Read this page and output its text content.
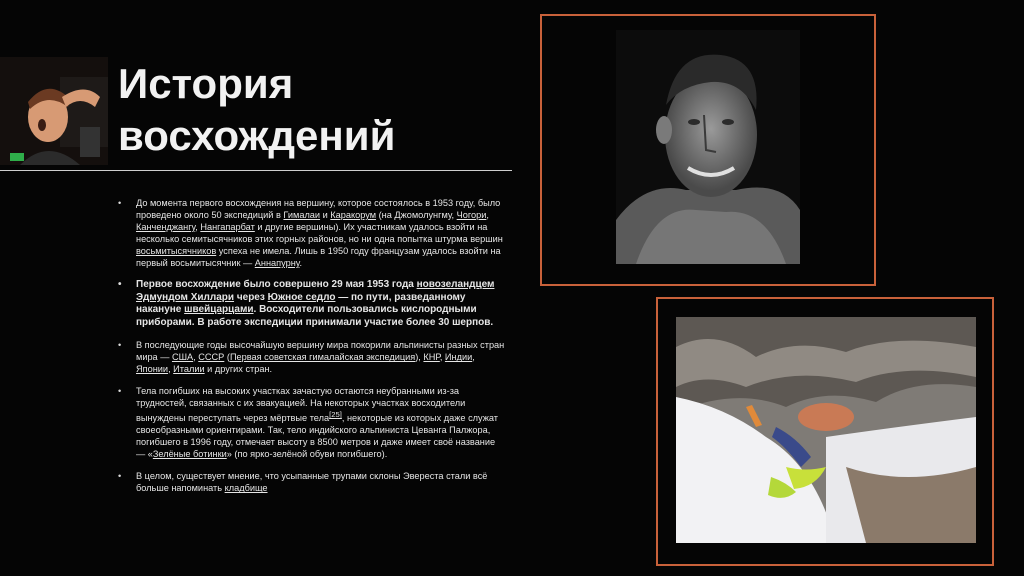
История
восхождений
• До момента первого восхождения на вершину, которое состоялось в 1953 году, было проведено около 50 экспедиций в Гималаи и Каракорум (на Джомолунгму, Чогори, Канченджангу, Нангапарбат и другие вершины). Их участникам удалось взойти на несколько семитысячников этих горных районов, но ни одна попытка штурма вершин восьмитысячников успеха не имела. Лишь в 1950 году французам удалось взойти на первый восьмитысячник — Аннапурну.
• Первое восхождение было совершено 29 мая 1953 года новозеландцем Эдмундом Хиллари через Южное седло — по пути, разведанному накануне швейцарцами. Восходители пользовались кислородными приборами. В работе экспедиции принимали участие более 30 шерпов.
• В последующие годы высочайшую вершину мира покорили альпинисты разных стран мира — США, СССР (Первая советская гималайская экспедиция), КНР, Индии, Японии, Италии и других стран.
• Тела погибших на высоких участках зачастую остаются неубранными из-за трудностей, связанных с их эвакуацией. На некоторых участках восходители вынуждены переступать через мёртвые тела[25], некоторые из которых даже служат своеобразными ориентирами. Так, тело индийского альпиниста Цеванга Палжора, погибшего в 1996 году, отмечает высоту в 8500 метров и даже имеет своё название — «Зелёные ботинки» (по ярко-зелёной обуви погибшего).
• В целом, существует мнение, что усыпанные трупами склоны Эвереста стали всё больше напоминать кладбище
